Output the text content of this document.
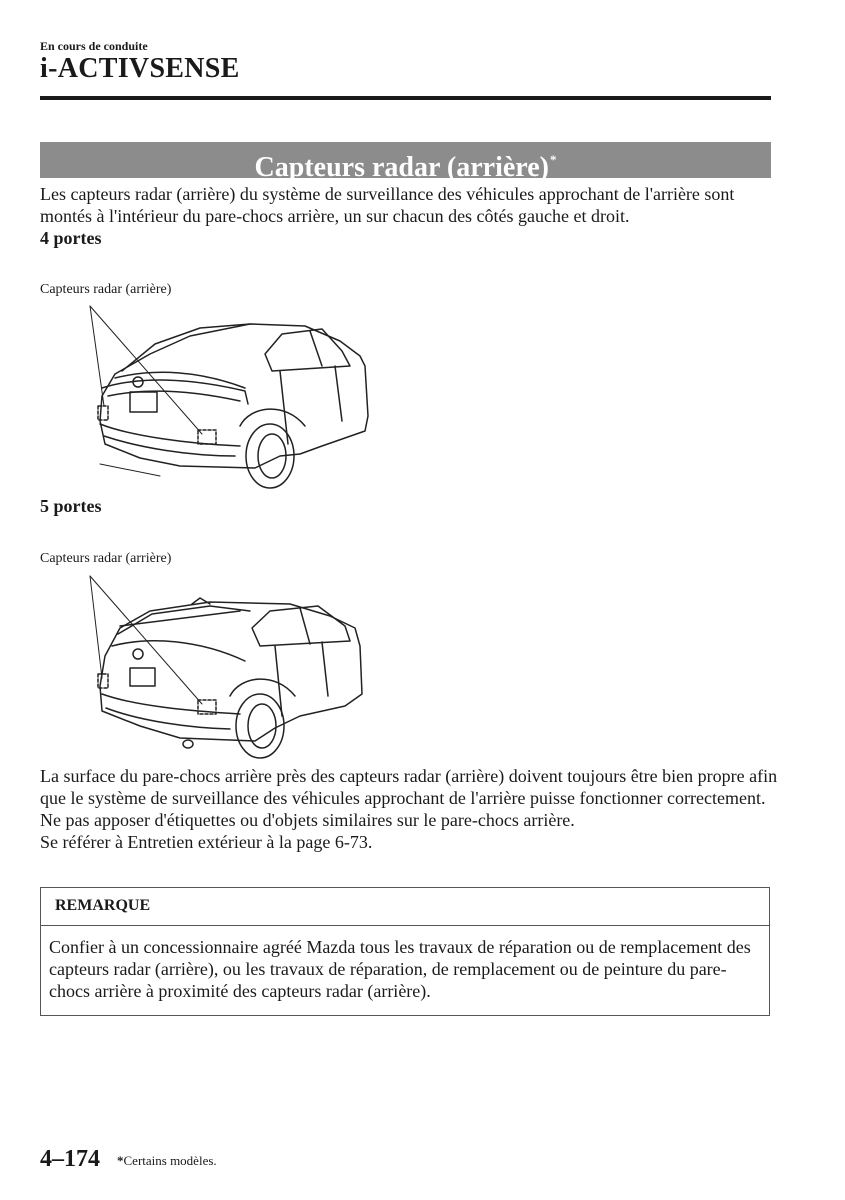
En cours de conduite
i-ACTIVSENSE
Capteurs radar (arrière)*
Les capteurs radar (arrière) du système de surveillance des véhicules approchant de l'arrière sont montés à l'intérieur du pare-chocs arrière, un sur chacun des côtés gauche et droit.
4 portes
Capteurs radar (arrière)
5 portes
Capteurs radar (arrière)
La surface du pare-chocs arrière près des capteurs radar (arrière) doivent toujours être bien propre afin que le système de surveillance des véhicules approchant de l'arrière puisse fonctionner correctement. Ne pas apposer d'étiquettes ou d'objets similaires sur le pare-chocs arrière.
Se référer à Entretien extérieur à la page 6-73.
REMARQUE
Confier à un concessionnaire agréé Mazda tous les travaux de réparation ou de remplacement des capteurs radar (arrière), ou les travaux de réparation, de remplacement ou de peinture du pare-chocs arrière à proximité des capteurs radar (arrière).
4–174 *Certains modèles.
